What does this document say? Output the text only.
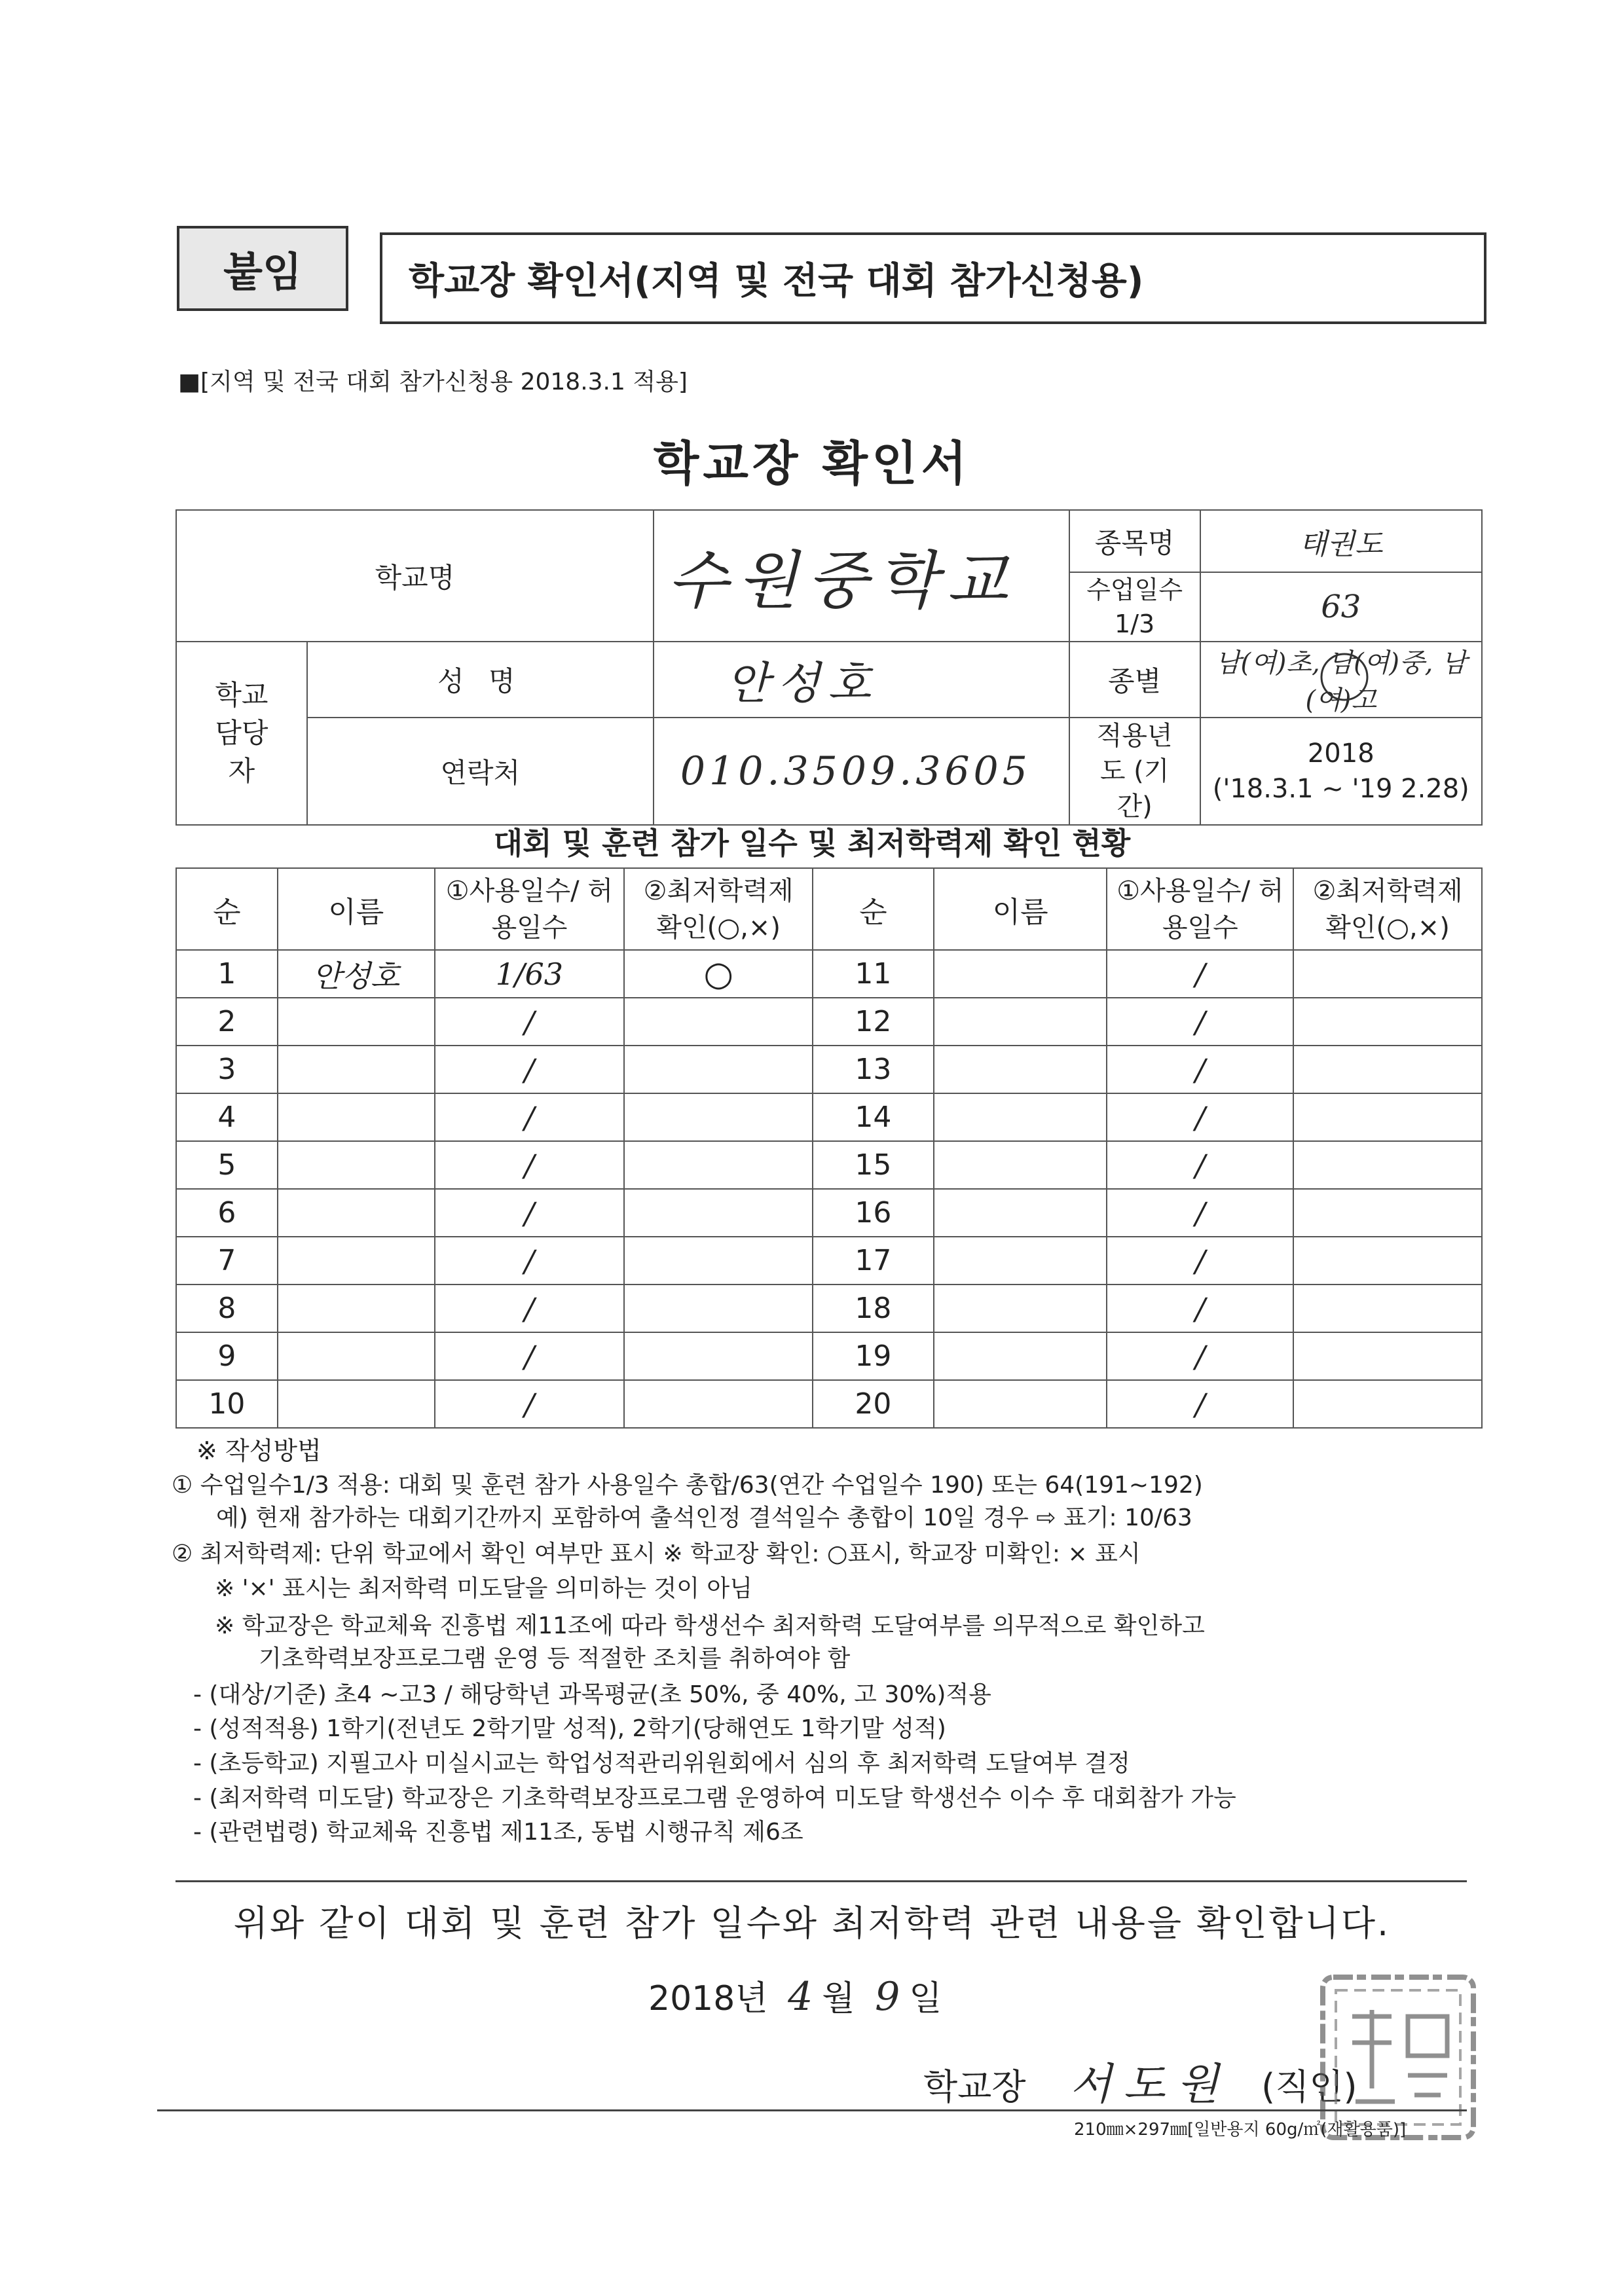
붙임	학교장 확인서(지역 및 전국 대회 참가신청용)
■[지역 및 전국 대회 참가신청용 2018.3.1 적용]
학교장 확인서
학교명		수원중학교	종목명	태권도
			수업일수 1/3	63
학교 담당자	성 명	안성호	종별	남(여)초, 남(여)중, 남(여)고

	연락처	010.3509.3605	적용년도 (기간)	2018
('18.3.1 ~ '19 2.28)
대회 및 훈련 참가 일수 및 최저학력제 확인 현황
순	이름	①사용일수/ 허용일수	②최저학력제 확인(○,×)	순	이름	①사용일수/ 허용일수	②최저학력제 확인(○,×)
1	안성호	1/63	○	11		/	
2		/		12		/	
3		/		13		/	
4		/		14		/	
5		/		15		/	
6		/		16		/	
7		/		17		/	
8		/		18		/	
9		/		19		/	
10		/		20		/	
※ 작성방법
① 수업일수1/3 적용: 대회 및 훈련 참가 사용일수 총합/63(연간 수업일수 190) 또는 64(191~192)
예) 현재 참가하는 대회기간까지 포함하여 출석인정 결석일수 총합이 10일 경우 ⇨ 표기: 10/63
② 최저학력제: 단위 학교에서 확인 여부만 표시 ※ 학교장 확인: ○표시, 학교장 미확인: × 표시
※ '×' 표시는 최저학력 미도달을 의미하는 것이 아님
※ 학교장은 학교체육 진흥법 제11조에 따라 학생선수 최저학력 도달여부를 의무적으로 확인하고
기초학력보장프로그램 운영 등 적절한 조치를 취하여야 함
- (대상/기준) 초4 ~고3 / 해당학년 과목평균(초 50%, 중 40%, 고 30%)적용
- (성적적용) 1학기(전년도 2학기말 성적), 2학기(당해연도 1학기말 성적)
- (초등학교) 지필고사 미실시교는 학업성적관리위원회에서 심의 후 최저학력 도달여부 결정
- (최저학력 미도달) 학교장은 기초학력보장프로그램 운영하여 미도달 학생선수 이수 후 대회참가 가능
- (관련법령) 학교체육 진흥법 제11조, 동법 시행규칙 제6조
위와 같이 대회 및 훈련 참가 일수와 최저학력 관련 내용을 확인합니다.
2018년 4 월 9 일
학교장 서도원 (직인)
210㎜×297㎜[일반용지 60g/㎡(재활용품)]
